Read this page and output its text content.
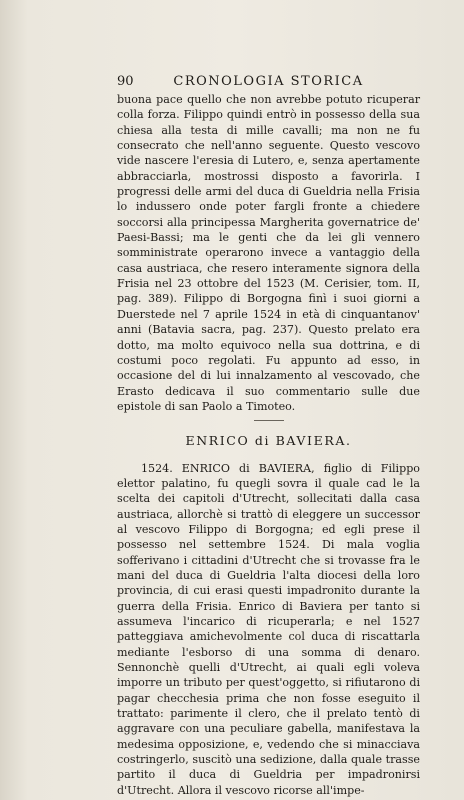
90	CRONOLOGIA STORICA

buona pace quello che non avrebbe potuto ricuperar colla forza. Filippo quindi entrò in possesso della sua chiesa alla testa di mille cavalli; ma non ne fu consecrato che nell'anno seguente. Questo vescovo vide nascere l'eresia di Lutero, e, senza apertamente abbracciarla, mostrossi disposto a favorirla. I progressi delle armi del duca di Gueldria nella Frisia lo indussero onde poter fargli fronte a chiedere soccorsi alla principessa Margherita governatrice de' Paesi-Bassi; ma le genti che da lei gli vennero somministrate operarono invece a vantaggio della casa austriaca, che resero interamente signora della Frisia nel 23 ottobre del 1523 (M. Cerisier, tom. II, pag. 389). Filippo di Borgogna finì i suoi giorni a Duerstede nel 7 aprile 1524 in età di cinquantanov' anni (Batavia sacra, pag. 237). Questo prelato era dotto, ma molto equivoco nella sua dottrina, e di costumi poco regolati. Fu appunto ad esso, in occasione del di lui innalzamento al vescovado, che Erasto dedicava il suo commentario sulle due epistole di san Paolo a Timoteo.

ENRICO di BAVIERA.

1524. ENRICO di BAVIERA, figlio di Filippo elettor palatino, fu quegli sovra il quale cad le la scelta dei capitoli d'Utrecht, sollecitati dalla casa austriaca, allorchè si trattò di eleggere un successor al vescovo Filippo di Borgogna; ed egli prese il possesso nel settembre 1524. Di mala voglia sofferivano i cittadini d'Utrecht che si trovasse fra le mani del duca di Gueldria l'alta diocesi della loro provincia, di cui erasi questi impadronito durante la guerra della Frisia. Enrico di Baviera per tanto si assumeva l'incarico di ricuperarla; e nel 1527 patteggiava amichevolmente col duca di riscattarla mediante l'esborso di una somma di denaro. Sennonchè quelli d'Utrecht, ai quali egli voleva imporre un tributo per quest'oggetto, si rifiutarono di pagar checchesia prima che non fosse eseguito il trattato: parimente il clero, che il prelato tentò di aggravare con una peculiare gabella, manifestava la medesima opposizione, e, vedendo che si minacciava costringerlo, suscitò una sedizione, dalla quale trasse partito il duca di Gueldria per impadronirsi d'Utrecht. Allora il vescovo ricorse all'impe-
